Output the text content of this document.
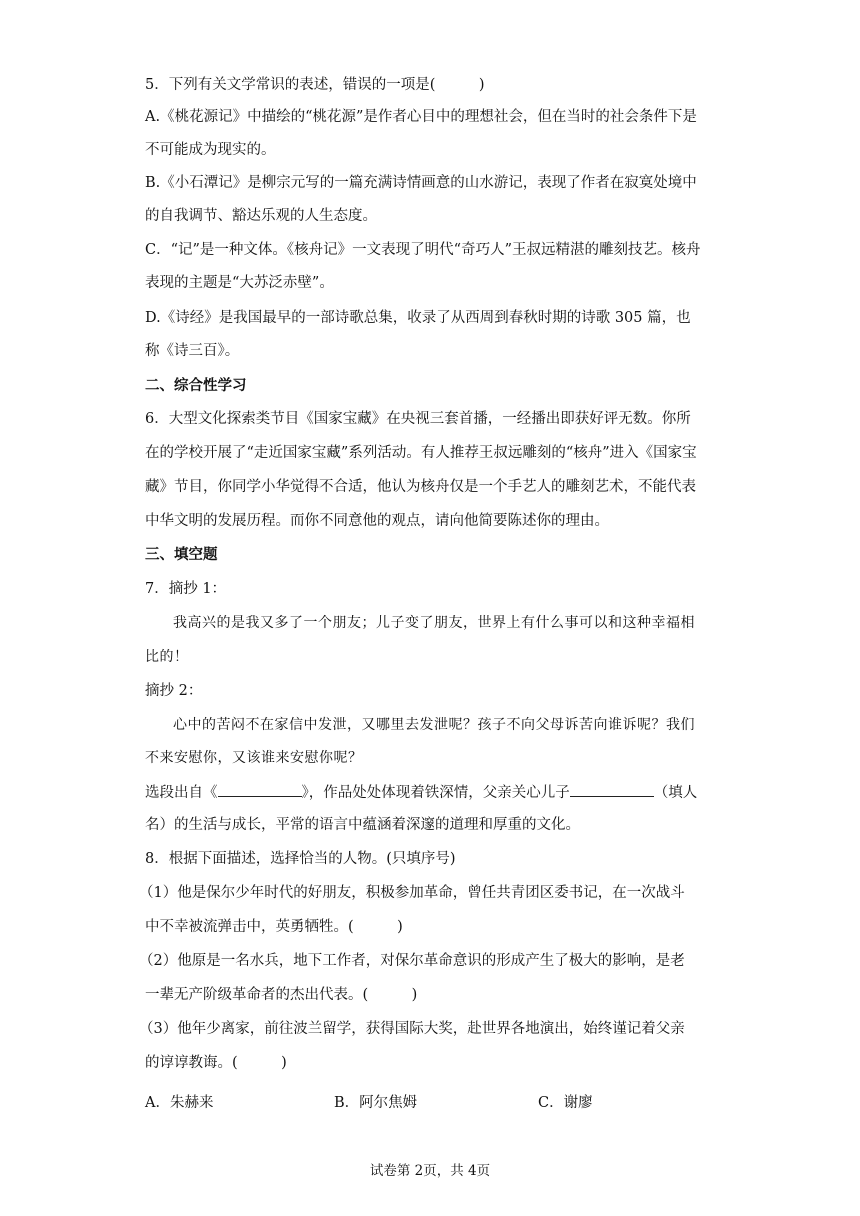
5．下列有关文学常识的表述，错误的一项是(　　　)
A.《桃花源记》中描绘的“桃花源”是作者心目中的理想社会，但在当时的社会条件下是
不可能成为现实的。
B.《小石潭记》是柳宗元写的一篇充满诗情画意的山水游记，表现了作者在寂寞处境中
的自我调节、豁达乐观的人生态度。
C．“记”是一种文体。《核舟记》一文表现了明代“奇巧人”王叔远精湛的雕刻技艺。核舟
表现的主题是“大苏泛赤壁”。
D.《诗经》是我国最早的一部诗歌总集，收录了从西周到春秋时期的诗歌 305 篇，也
称《诗三百》。
二、综合性学习
6．大型文化探索类节目《国家宝藏》在央视三套首播，一经播出即获好评无数。你所
在的学校开展了“走近国家宝藏”系列活动。有人推荐王叔远雕刻的“核舟”进入《国家宝
藏》节目，你同学小华觉得不合适，他认为核舟仅是一个手艺人的雕刻艺术，不能代表
中华文明的发展历程。而你不同意他的观点，请向他简要陈述你的理由。
三、填空题
7．摘抄 1：
我高兴的是我又多了一个朋友；儿子变了朋友，世界上有什么事可以和这种幸福相
比的！
摘抄 2：
心中的苦闷不在家信中发泄，又哪里去发泄呢？孩子不向父母诉苦向谁诉呢？我们
不来安慰你，又该谁来安慰你呢？
选段出自《	》，作品处处体现着铁深情，父亲关心儿子	（填人
名）的生活与成长，平常的语言中蕴涵着深邃的道理和厚重的文化。
8．根据下面描述，选择恰当的人物。(只填序号)
（1）他是保尔少年时代的好朋友，积极参加革命，曾任共青团区委书记，在一次战斗
中不幸被流弹击中，英勇牺牲。(　　　)
（2）他原是一名水兵，地下工作者，对保尔革命意识的形成产生了极大的影响，是老
一辈无产阶级革命者的杰出代表。(　　　)
（3）他年少离家，前往波兰留学，获得国际大奖，赴世界各地演出，始终谨记着父亲
的谆谆教诲。(　　　)
A．朱赫来	B．阿尔焦姆	C．谢廖
试卷第 2页，共 4页
